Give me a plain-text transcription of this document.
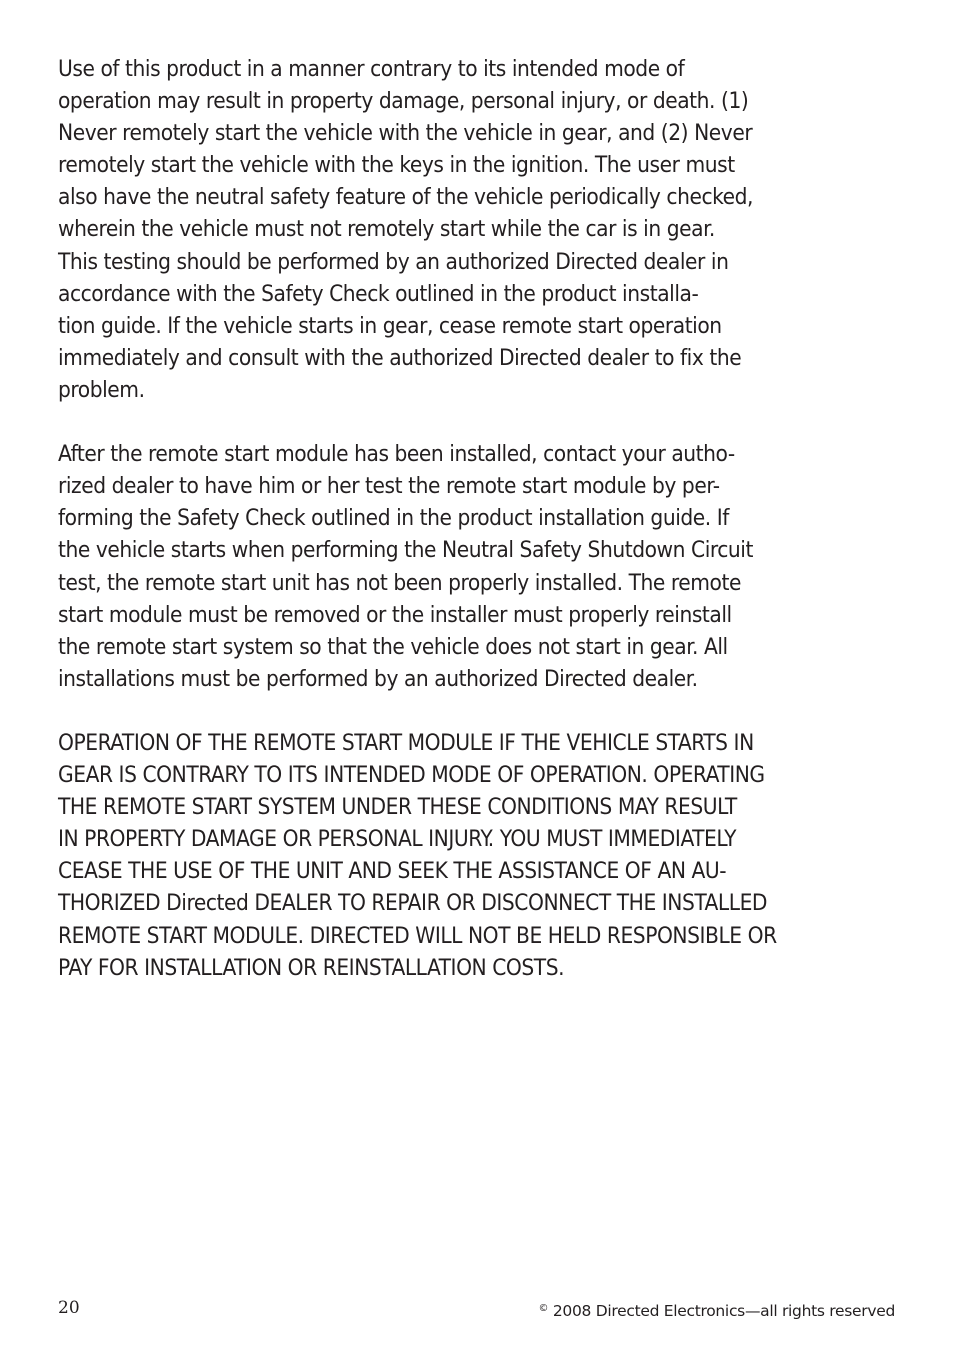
Use of this product in a manner contrary to its intended mode of
operation may result in property damage, personal injury, or death. (1)
Never remotely start the vehicle with the vehicle in gear, and (2) Never
remotely start the vehicle with the keys in the ignition. The user must
also have the neutral safety feature of the vehicle periodically checked,
wherein the vehicle must not remotely start while the car is in gear.
This testing should be performed by an authorized Directed dealer in
accordance with the Safety Check outlined in the product installa-
tion guide. If the vehicle starts in gear, cease remote start operation
immediately and consult with the authorized Directed dealer to fix the
problem.

After the remote start module has been installed, contact your autho-
rized dealer to have him or her test the remote start module by per-
forming the Safety Check outlined in the product installation guide. If
the vehicle starts when performing the Neutral Safety Shutdown Circuit
test, the remote start unit has not been properly installed. The remote
start module must be removed or the installer must properly reinstall
the remote start system so that the vehicle does not start in gear. All
installations must be performed by an authorized Directed dealer.

OPERATION OF THE REMOTE START MODULE IF THE VEHICLE STARTS IN
GEAR IS CONTRARY TO ITS INTENDED MODE OF OPERATION. OPERATING
THE REMOTE START SYSTEM UNDER THESE CONDITIONS MAY RESULT
IN PROPERTY DAMAGE OR PERSONAL INJURY. YOU MUST IMMEDIATELY
CEASE THE USE OF THE UNIT AND SEEK THE ASSISTANCE OF AN AU-
THORIZED Directed DEALER TO REPAIR OR DISCONNECT THE INSTALLED
REMOTE START MODULE. DIRECTED WILL NOT BE HELD RESPONSIBLE OR
PAY FOR INSTALLATION OR REINSTALLATION COSTS.

20	© 2008 Directed Electronics—all rights reserved
